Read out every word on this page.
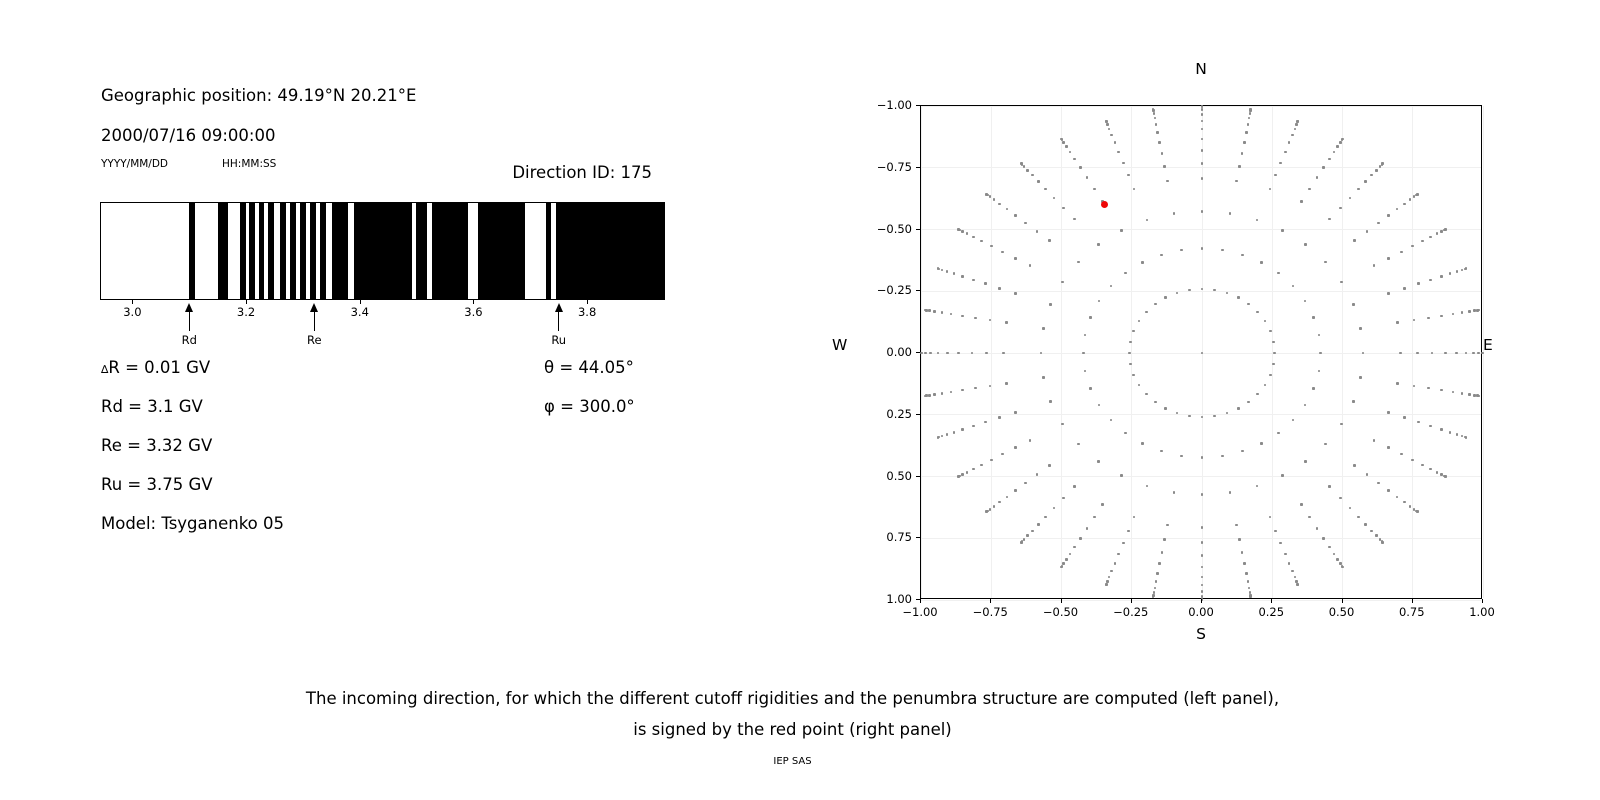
Geographic position: 49.19°N 20.21°E
2000/07/16 09:00:00
YYYY/MM/DD	HH:MM:SS	Direction ID: 175
3.0	3.2	3.4	3.6	3.8
Rd	Re	Ru
∆R = 0.01 GV
Rd = 3.1 GV
Re = 3.32 GV
Ru = 3.75 GV
Model: Tsyganenko 05
θ = 44.05°
φ = 300.0°
−1.00
1.00
−0.75
0.75
−0.50
0.50
−0.25
0.25
0.00
0.00
0.25
−0.25
0.50
−0.50
0.75
−0.75
1.00
−1.00
N
S
W	E
The incoming direction, for which the different cutoff rigidities and the penumbra structure are computed (left panel),
is signed by the red point (right panel)
IEP SAS
